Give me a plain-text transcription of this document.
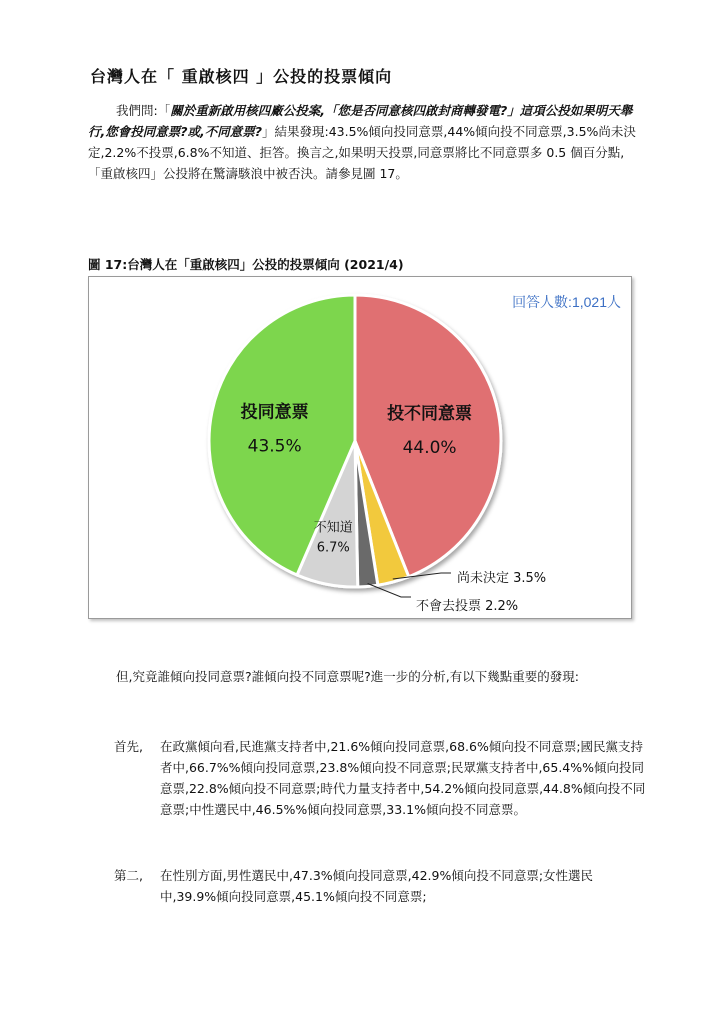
台灣人在「 重啟核四 」公投的投票傾向

我們問:「關於重新啟用核四廠公投案,「您是否同意核四啟封商轉發電?」這項公投如果明天舉行,您會投同意票?或,不同意票?」結果發現:43.5%傾向投同意票,44%傾向投不同意票,3.5%尚未決定,2.2%不投票,6.8%不知道、拒答。換言之,如果明天投票,同意票將比不同意票多 0.5 個百分點,「重啟核四」公投將在驚濤駭浪中被否決。請參見圖 17。

圖 17:台灣人在「重啟核四」公投的投票傾向 (2021/4)
投不同意票
44.0%
尚未決定 3.5%
不會去投票 2.2%
不知道
6.7%
投同意票
43.5%
回答人數:1,021人

但,究竟誰傾向投同意票?誰傾向投不同意票呢?進一步的分析,有以下幾點重要的發現:

首先,	在政黨傾向看,民進黨支持者中,21.6%傾向投同意票,68.6%傾向投不同意票;國民黨支持者中,66.7%%傾向投同意票,23.8%傾向投不同意票;民眾黨支持者中,65.4%%傾向投同意票,22.8%傾向投不同意票;時代力量支持者中,54.2%傾向投同意票,44.8%傾向投不同意票;中性選民中,46.5%%傾向投同意票,33.1%傾向投不同意票。
第二,	在性別方面,男性選民中,47.3%傾向投同意票,42.9%傾向投不同意票;女性選民中,39.9%傾向投同意票,45.1%傾向投不同意票;
